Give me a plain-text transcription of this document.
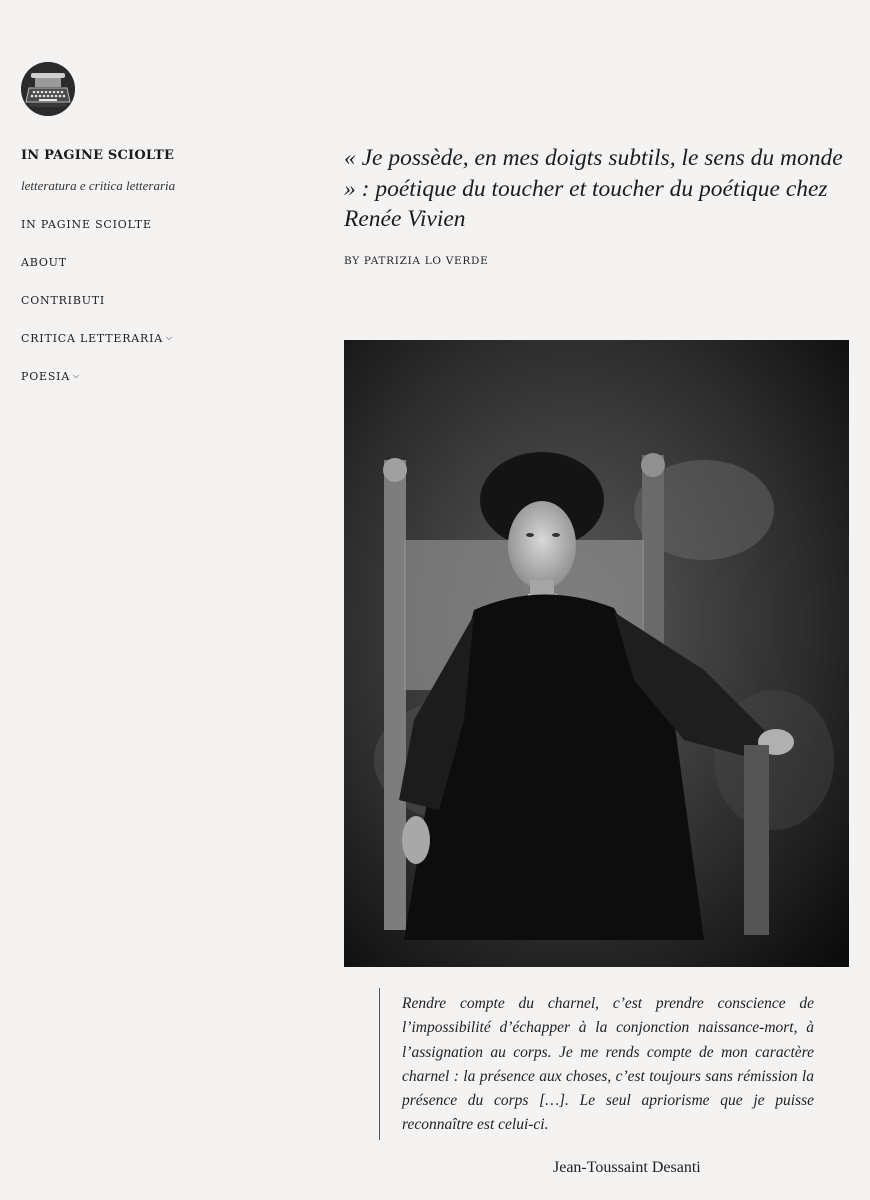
IN PAGINE SCIOLTE
letteratura e critica letteraria
IN PAGINE SCIOLTE
ABOUT
CONTRIBUTI
CRITICA LETTERARIA ⌵
POESIA ⌵
« Je possède, en mes doigts subtils, le sens du monde » : poétique du toucher et toucher du poétique chez Renée Vivien
BY PATRIZIA LO VERDE
Rendre compte du charnel, c’est prendre conscience de l’impossibilité d’échapper à la conjonction naissance-mort, à l’assignation au corps. Je me rends compte de mon caractère charnel : la présence aux choses, c’est toujours sans rémission la présence du corps […]. Le seul apriorisme que je puisse reconnaître est celui-ci.
Jean-Toussaint Desanti
